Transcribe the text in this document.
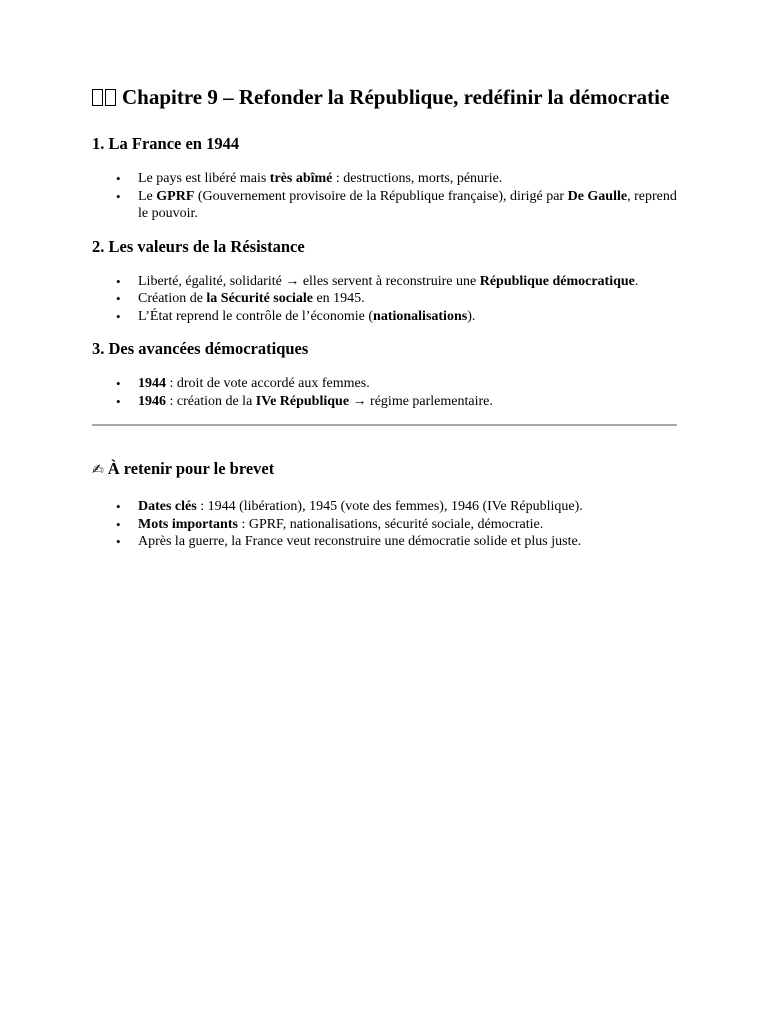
Chapitre 9 – Refonder la République, redéfinir la démocratie
1. La France en 1944
• Le pays est libéré mais très abîmé : destructions, morts, pénurie.
• Le GPRF (Gouvernement provisoire de la République française), dirigé par De Gaulle, reprend le pouvoir.
2. Les valeurs de la Résistance
• Liberté, égalité, solidarité → elles servent à reconstruire une République démocratique.
• Création de la Sécurité sociale en 1945.
• L’État reprend le contrôle de l’économie (nationalisations).
3. Des avancées démocratiques
• 1944 : droit de vote accordé aux femmes.
• 1946 : création de la IVe République → régime parlementaire.
✍ À retenir pour le brevet
• Dates clés : 1944 (libération), 1945 (vote des femmes), 1946 (IVe République).
• Mots importants : GPRF, nationalisations, sécurité sociale, démocratie.
• Après la guerre, la France veut reconstruire une démocratie solide et plus juste.
